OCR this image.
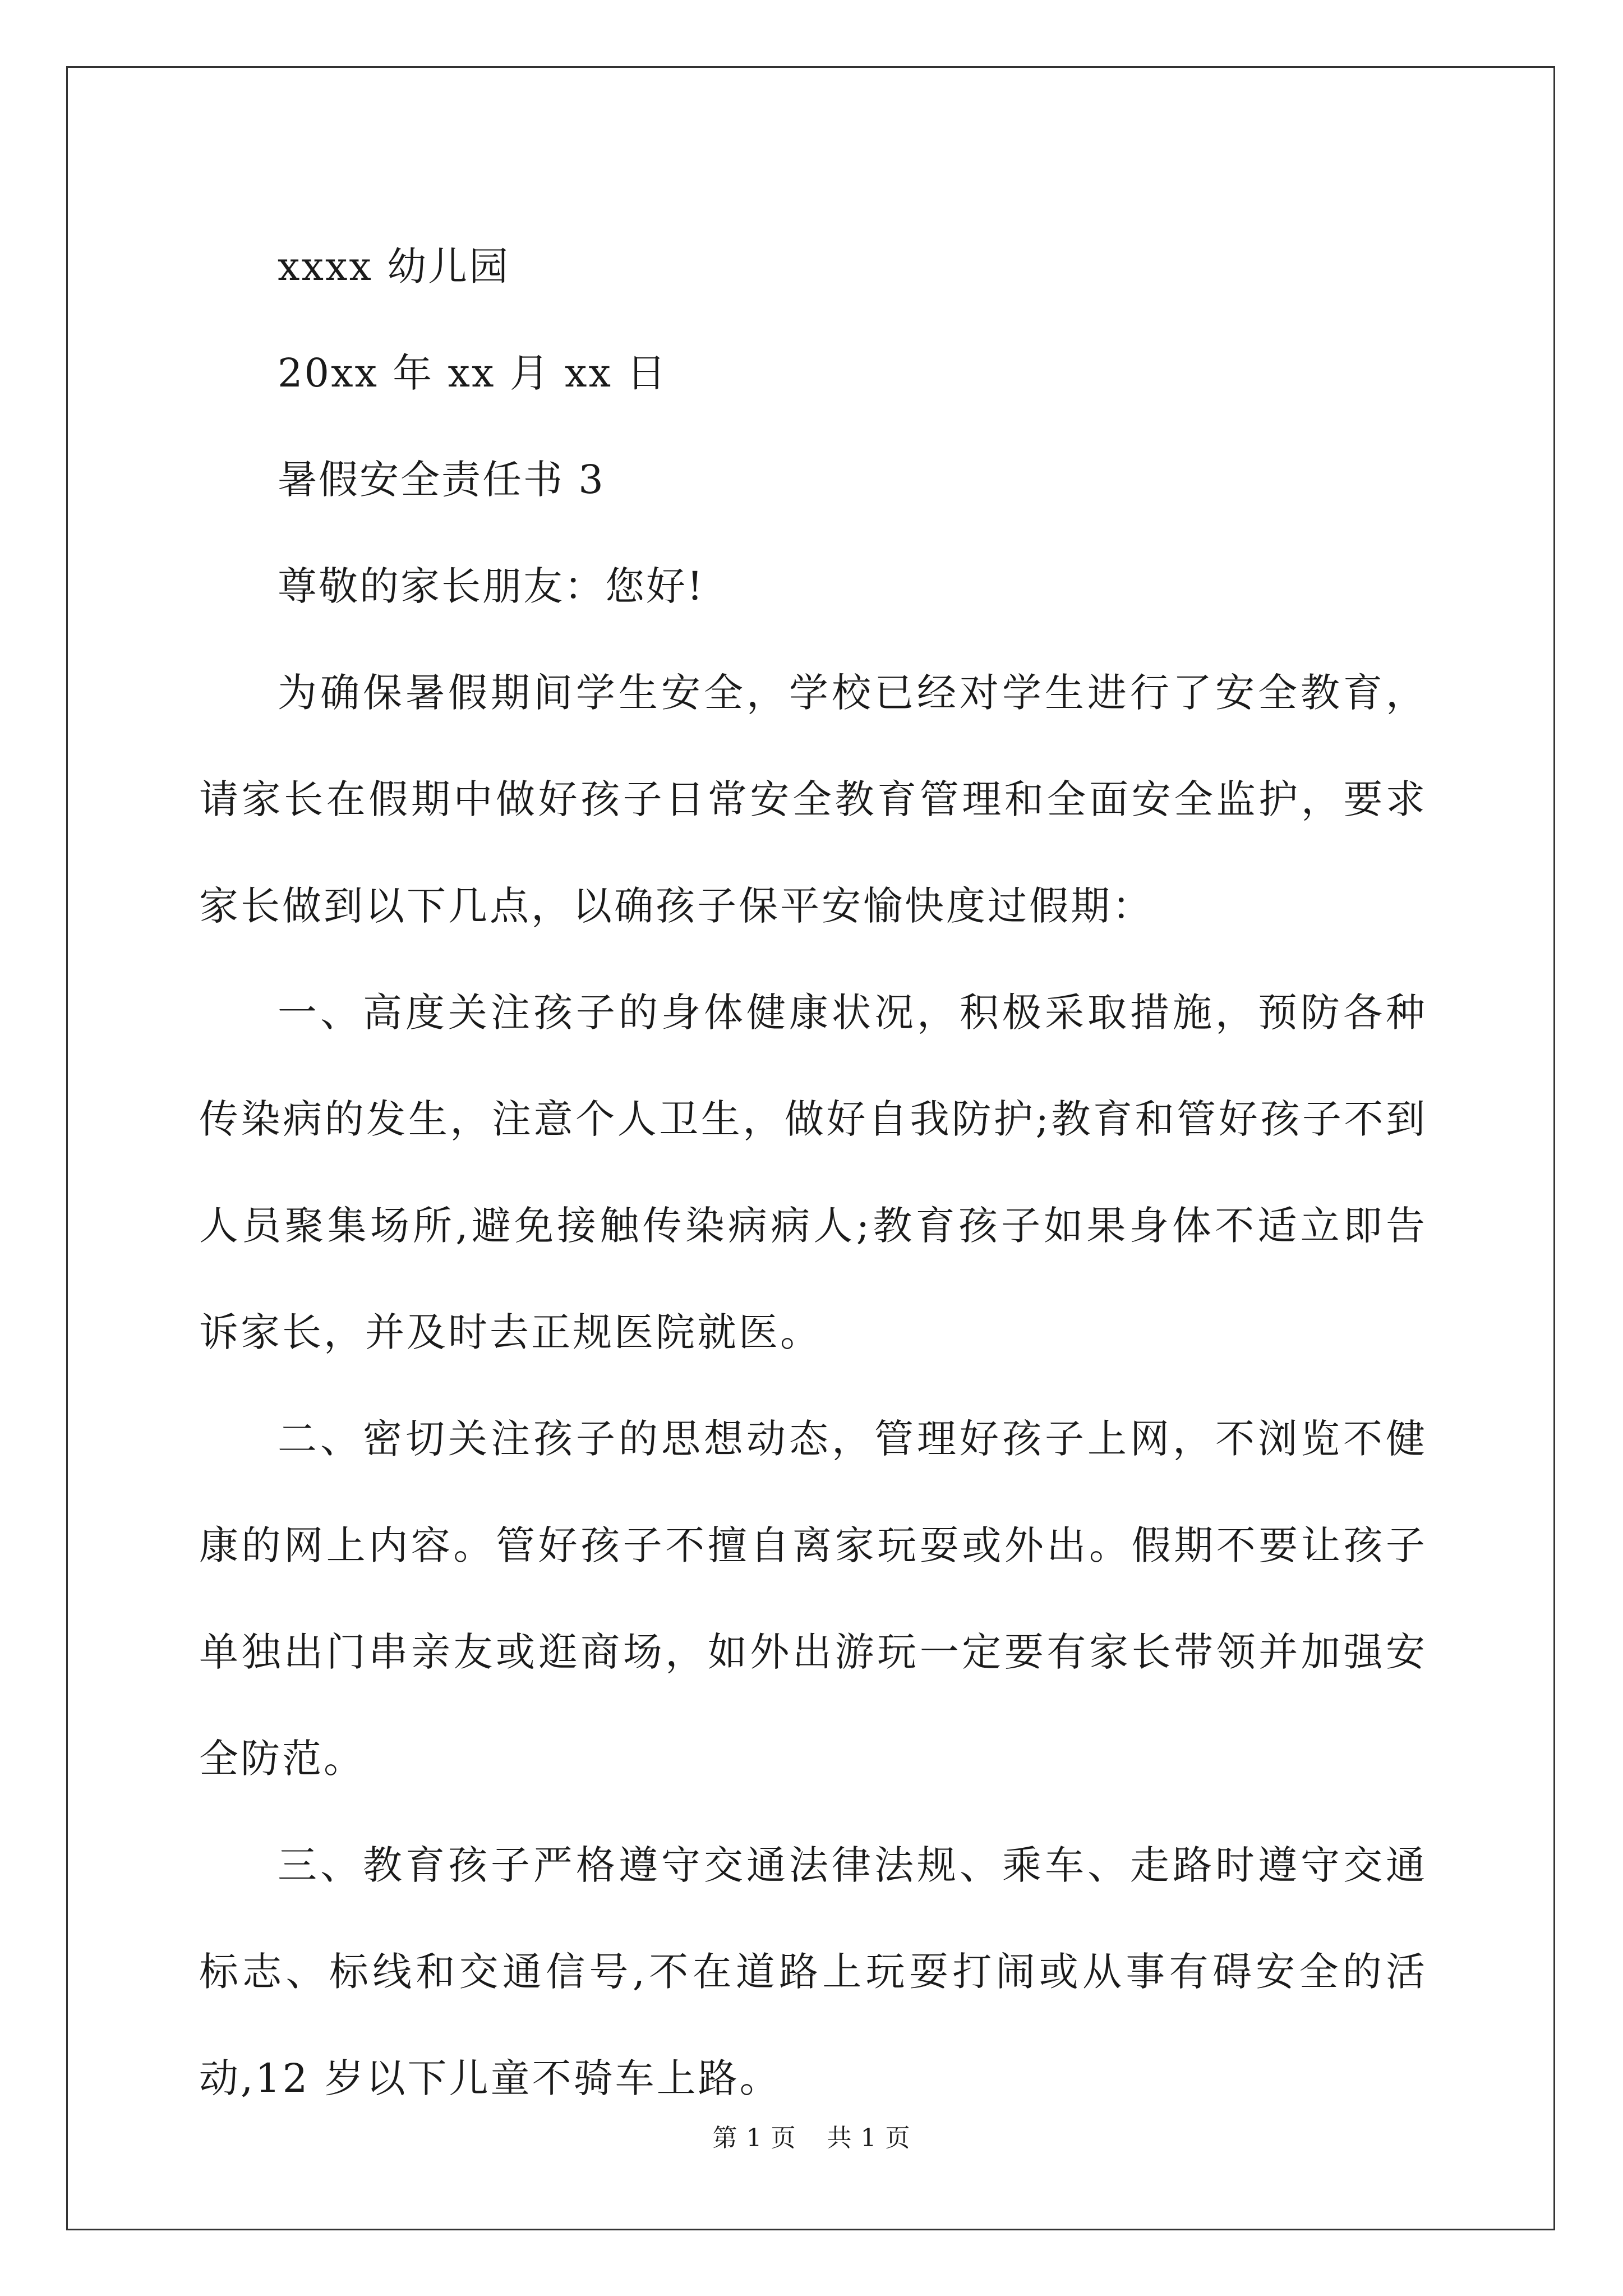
xxxx 幼儿园
20xx 年 xx 月 xx 日
暑假安全责任书 3
尊敬的家长朋友：您好!

为确保暑假期间学生安全，学校已经对学生进行了安全教育，请家长在假期中做好孩子日常安全教育管理和全面安全监护，要求家长做到以下几点，以确孩子保平安愉快度过假期：

一、高度关注孩子的身体健康状况，积极采取措施，预防各种传染病的发生，注意个人卫生，做好自我防护;教育和管好孩子不到人员聚集场所,避免接触传染病病人;教育孩子如果身体不适立即告诉家长，并及时去正规医院就医。

二、密切关注孩子的思想动态，管理好孩子上网，不浏览不健康的网上内容。管好孩子不擅自离家玩耍或外出。假期不要让孩子单独出门串亲友或逛商场，如外出游玩一定要有家长带领并加强安全防范。

三、教育孩子严格遵守交通法律法规、乘车、走路时遵守交通标志、标线和交通信号,不在道路上玩耍打闹或从事有碍安全的活动,12 岁以下儿童不骑车上路。

第 1 页 共 1 页
